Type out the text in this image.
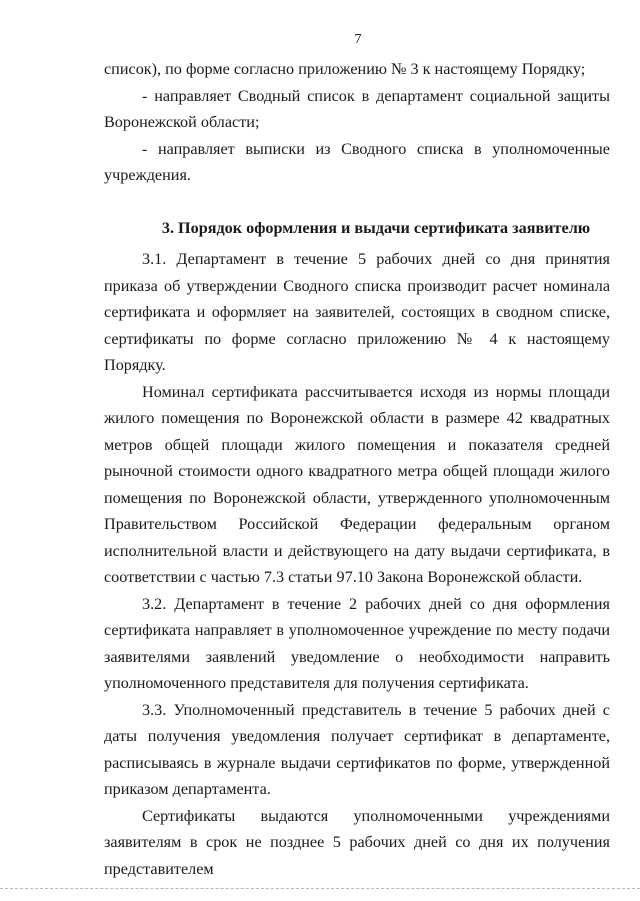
7

список), по форме согласно приложению № 3 к настоящему Порядку;

- направляет Сводный список в департамент социальной защиты Воронежской области;

- направляет выписки из Сводного списка в уполномоченные учреждения.

3. Порядок оформления и выдачи сертификата заявителю

3.1. Департамент в течение 5 рабочих дней со дня принятия приказа об утверждении Сводного списка производит расчет номинала сертификата и оформляет на заявителей, состоящих в сводном списке, сертификаты по форме согласно приложению № 4 к настоящему Порядку.

Номинал сертификата рассчитывается исходя из нормы площади жилого помещения по Воронежской области в размере 42 квадратных метров общей площади жилого помещения и показателя средней рыночной стоимости одного квадратного метра общей площади жилого помещения по Воронежской области, утвержденного уполномоченным Правительством Российской Федерации федеральным органом исполнительной власти и действующего на дату выдачи сертификата, в соответствии с частью 7.3 статьи 97.10 Закона Воронежской области.

3.2. Департамент в течение 2 рабочих дней со дня оформления сертификата направляет в уполномоченное учреждение по месту подачи заявителями заявлений уведомление о необходимости направить уполномоченного представителя для получения сертификата.

3.3. Уполномоченный представитель в течение 5 рабочих дней с даты получения уведомления получает сертификат в департаменте, расписываясь в журнале выдачи сертификатов по форме, утвержденной приказом департамента.

Сертификаты выдаются уполномоченными учреждениями заявителям в срок не позднее 5 рабочих дней со дня их получения представителем
